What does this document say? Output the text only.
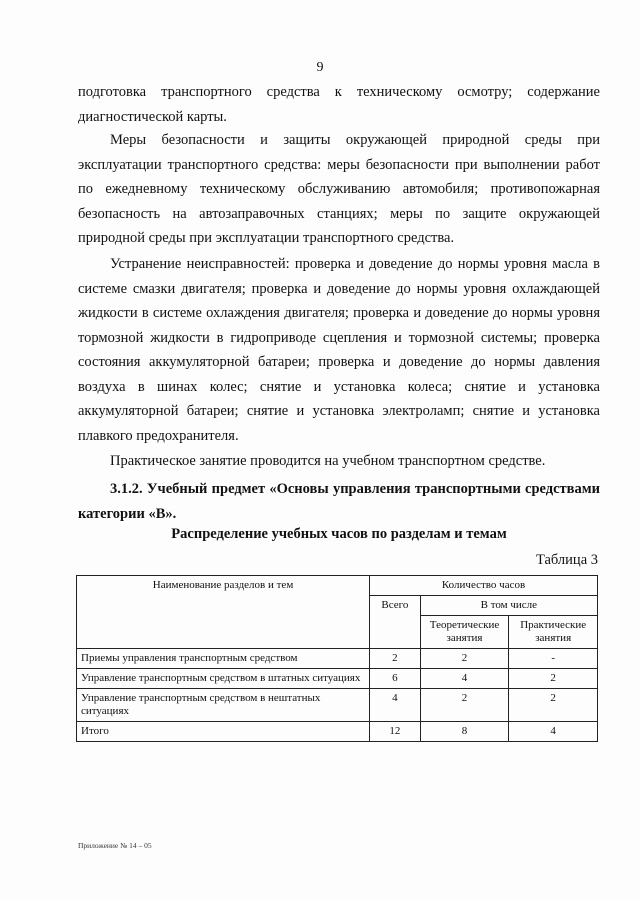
9

подготовка транспортного средства к техническому осмотру; содержание диагностической карты.

Меры безопасности и защиты окружающей природной среды при эксплуатации транспортного средства: меры безопасности при выполнении работ по ежедневному техническому обслуживанию автомобиля; противопожарная безопасность на автозаправочных станциях; меры по защите окружающей природной среды при эксплуатации транспортного средства.

Устранение неисправностей: проверка и доведение до нормы уровня масла в системе смазки двигателя; проверка и доведение до нормы уровня охлаждающей жидкости в системе охлаждения двигателя; проверка и доведение до нормы уровня тормозной жидкости в гидроприводе сцепления и тормозной системы; проверка состояния аккумуляторной батареи; проверка и доведение до нормы давления воздуха в шинах колес; снятие и установка колеса; снятие и установка аккумуляторной батареи; снятие и установка электроламп; снятие и установка плавкого предохранителя.

Практическое занятие проводится на учебном транспортном средстве.

3.1.2. Учебный предмет «Основы управления транспортными средствами категории «В».

Распределение учебных часов по разделам и темам
Таблица 3
Наименование разделов и тем	Количество часов		
	Всего	В том числе	
		Теоретические занятия	Практические занятия
Приемы управления транспортным средством	2	2	-
Управление транспортным средством в штатных ситуациях	6	4	2
Управление транспортным средством в нештатных ситуациях	4	2	2
Итого	12	8	4
Приложение № 14 – 05
